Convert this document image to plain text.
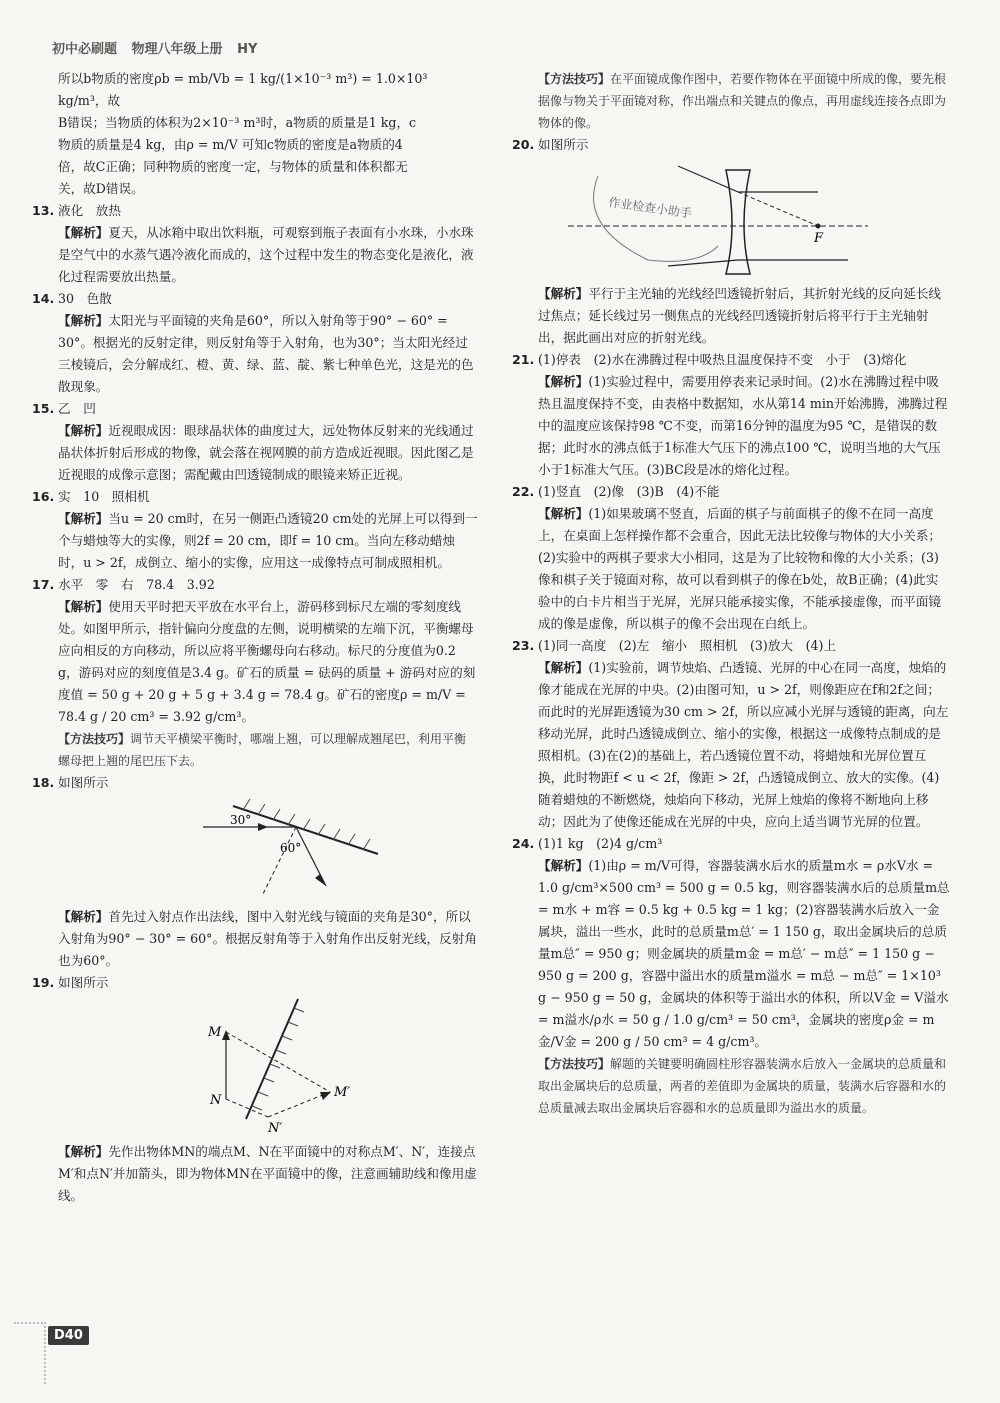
初中必刷题 物理八年级上册 HY
所以b物质的密度ρb = mb/Vb = 1 kg/(1×10⁻³ m³) = 1.0×10³ kg/m³，故
B错误；当物质的体积为2×10⁻³ m³时，a物质的质量是1 kg，c
物质的质量是4 kg，由ρ = m/V 可知c物质的密度是a物质的4
倍，故C正确；同种物质的密度一定，与物体的质量和体积都无
关，故D错误。
13. 液化　放热
【解析】夏天，从冰箱中取出饮料瓶，可观察到瓶子表面有小水珠，小水珠是空气中的水蒸气遇冷液化而成的，这个过程中发生的物态变化是液化，液化过程需要放出热量。
14. 30　色散
【解析】太阳光与平面镜的夹角是60°，所以入射角等于90° − 60° = 30°。根据光的反射定律，则反射角等于入射角，也为30°；当太阳光经过三棱镜后，会分解成红、橙、黄、绿、蓝、靛、紫七种单色光，这是光的色散现象。
15. 乙　凹
【解析】近视眼成因：眼球晶状体的曲度过大，远处物体反射来的光线通过晶状体折射后形成的物像，就会落在视网膜的前方造成近视眼。因此图乙是近视眼的成像示意图；需配戴由凹透镜制成的眼镜来矫正近视。
16. 实　10　照相机
【解析】当u = 20 cm时，在另一侧距凸透镜20 cm处的光屏上可以得到一个与蜡烛等大的实像，则2f = 20 cm，即f = 10 cm。当向左移动蜡烛时，u > 2f，成倒立、缩小的实像，应用这一成像特点可制成照相机。
17. 水平　零　右　78.4　3.92
【解析】使用天平时把天平放在水平台上，游码移到标尺左端的零刻度线处。如图甲所示，指针偏向分度盘的左侧，说明横梁的左端下沉，平衡螺母应向相反的方向移动，所以应将平衡螺母向右移动。标尺的分度值为0.2 g，游码对应的刻度值是3.4 g。矿石的质量 = 砝码的质量 + 游码对应的刻度值 = 50 g + 20 g + 5 g + 3.4 g = 78.4 g。矿石的密度ρ = m/V = 78.4 g / 20 cm³ = 3.92 g/cm³。
【方法技巧】调节天平横梁平衡时，哪端上翘，可以理解成翘尾巴，利用平衡螺母把上翘的尾巴压下去。
18. 如图所示
30°
60°
【解析】首先过入射点作出法线，图中入射光线与镜面的夹角是30°，所以入射角为90° − 30° = 60°。根据反射角等于入射角作出反射光线，反射角也为60°。
19. 如图所示
M
N
M′
N′
【解析】先作出物体MN的端点M、N在平面镜中的对称点M′、N′，连接点M′和点N′并加箭头，即为物体MN在平面镜中的像，注意画辅助线和像用虚线。
【方法技巧】在平面镜成像作图中，若要作物体在平面镜中所成的像，要先根据像与物关于平面镜对称，作出端点和关键点的像点，再用虚线连接各点即为物体的像。
20. 如图所示
F
作业检查小助手
【解析】平行于主光轴的光线经凹透镜折射后，其折射光线的反向延长线过焦点；延长线过另一侧焦点的光线经凹透镜折射后将平行于主光轴射出，据此画出对应的折射光线。
21. (1)停表　(2)水在沸腾过程中吸热且温度保持不变　小于　(3)熔化
【解析】(1)实验过程中，需要用停表来记录时间。(2)水在沸腾过程中吸热且温度保持不变，由表格中数据知，水从第14 min开始沸腾，沸腾过程中的温度应该保持98 ℃不变，而第16分钟的温度为95 ℃，是错误的数据；此时水的沸点低于1标准大气压下的沸点100 ℃，说明当地的大气压小于1标准大气压。(3)BC段是冰的熔化过程。
22. (1)竖直　(2)像　(3)B　(4)不能
【解析】(1)如果玻璃不竖直，后面的棋子与前面棋子的像不在同一高度上，在桌面上怎样操作都不会重合，因此无法比较像与物体的大小关系；(2)实验中的两棋子要求大小相同，这是为了比较物和像的大小关系；(3)像和棋子关于镜面对称，故可以看到棋子的像在b处，故B正确；(4)此实验中的白卡片相当于光屏，光屏只能承接实像，不能承接虚像，而平面镜成的像是虚像，所以棋子的像不会出现在白纸上。
23. (1)同一高度　(2)左　缩小　照相机　(3)放大　(4)上
【解析】(1)实验前，调节烛焰、凸透镜、光屏的中心在同一高度，烛焰的像才能成在光屏的中央。(2)由图可知，u > 2f，则像距应在f和2f之间；而此时的光屏距透镜为30 cm > 2f，所以应减小光屏与透镜的距离，向左移动光屏，此时凸透镜成倒立、缩小的实像，根据这一成像特点制成的是照相机。(3)在(2)的基础上，若凸透镜位置不动，将蜡烛和光屏位置互换，此时物距f < u < 2f，像距 > 2f，凸透镜成倒立、放大的实像。(4)随着蜡烛的不断燃烧，烛焰向下移动，光屏上烛焰的像将不断地向上移动；因此为了使像还能成在光屏的中央，应向上适当调节光屏的位置。
24. (1)1 kg　(2)4 g/cm³
【解析】(1)由ρ = m/V可得，容器装满水后水的质量m水 = ρ水V水 = 1.0 g/cm³×500 cm³ = 500 g = 0.5 kg，则容器装满水后的总质量m总 = m水 + m容 = 0.5 kg + 0.5 kg = 1 kg；(2)容器装满水后放入一金属块，溢出一些水，此时的总质量m总′ = 1 150 g，取出金属块后的总质量m总″ = 950 g；则金属块的质量m金 = m总′ − m总″ = 1 150 g − 950 g = 200 g，容器中溢出水的质量m溢水 = m总 − m总″ = 1×10³ g − 950 g = 50 g，金属块的体积等于溢出水的体积，所以V金 = V溢水 = m溢水/ρ水 = 50 g / 1.0 g/cm³ = 50 cm³，金属块的密度ρ金 = m金/V金 = 200 g / 50 cm³ = 4 g/cm³。
【方法技巧】解题的关键要明确圆柱形容器装满水后放入一金属块的总质量和取出金属块后的总质量，两者的差值即为金属块的质量，装满水后容器和水的总质量减去取出金属块后容器和水的总质量即为溢出水的质量。
D40
